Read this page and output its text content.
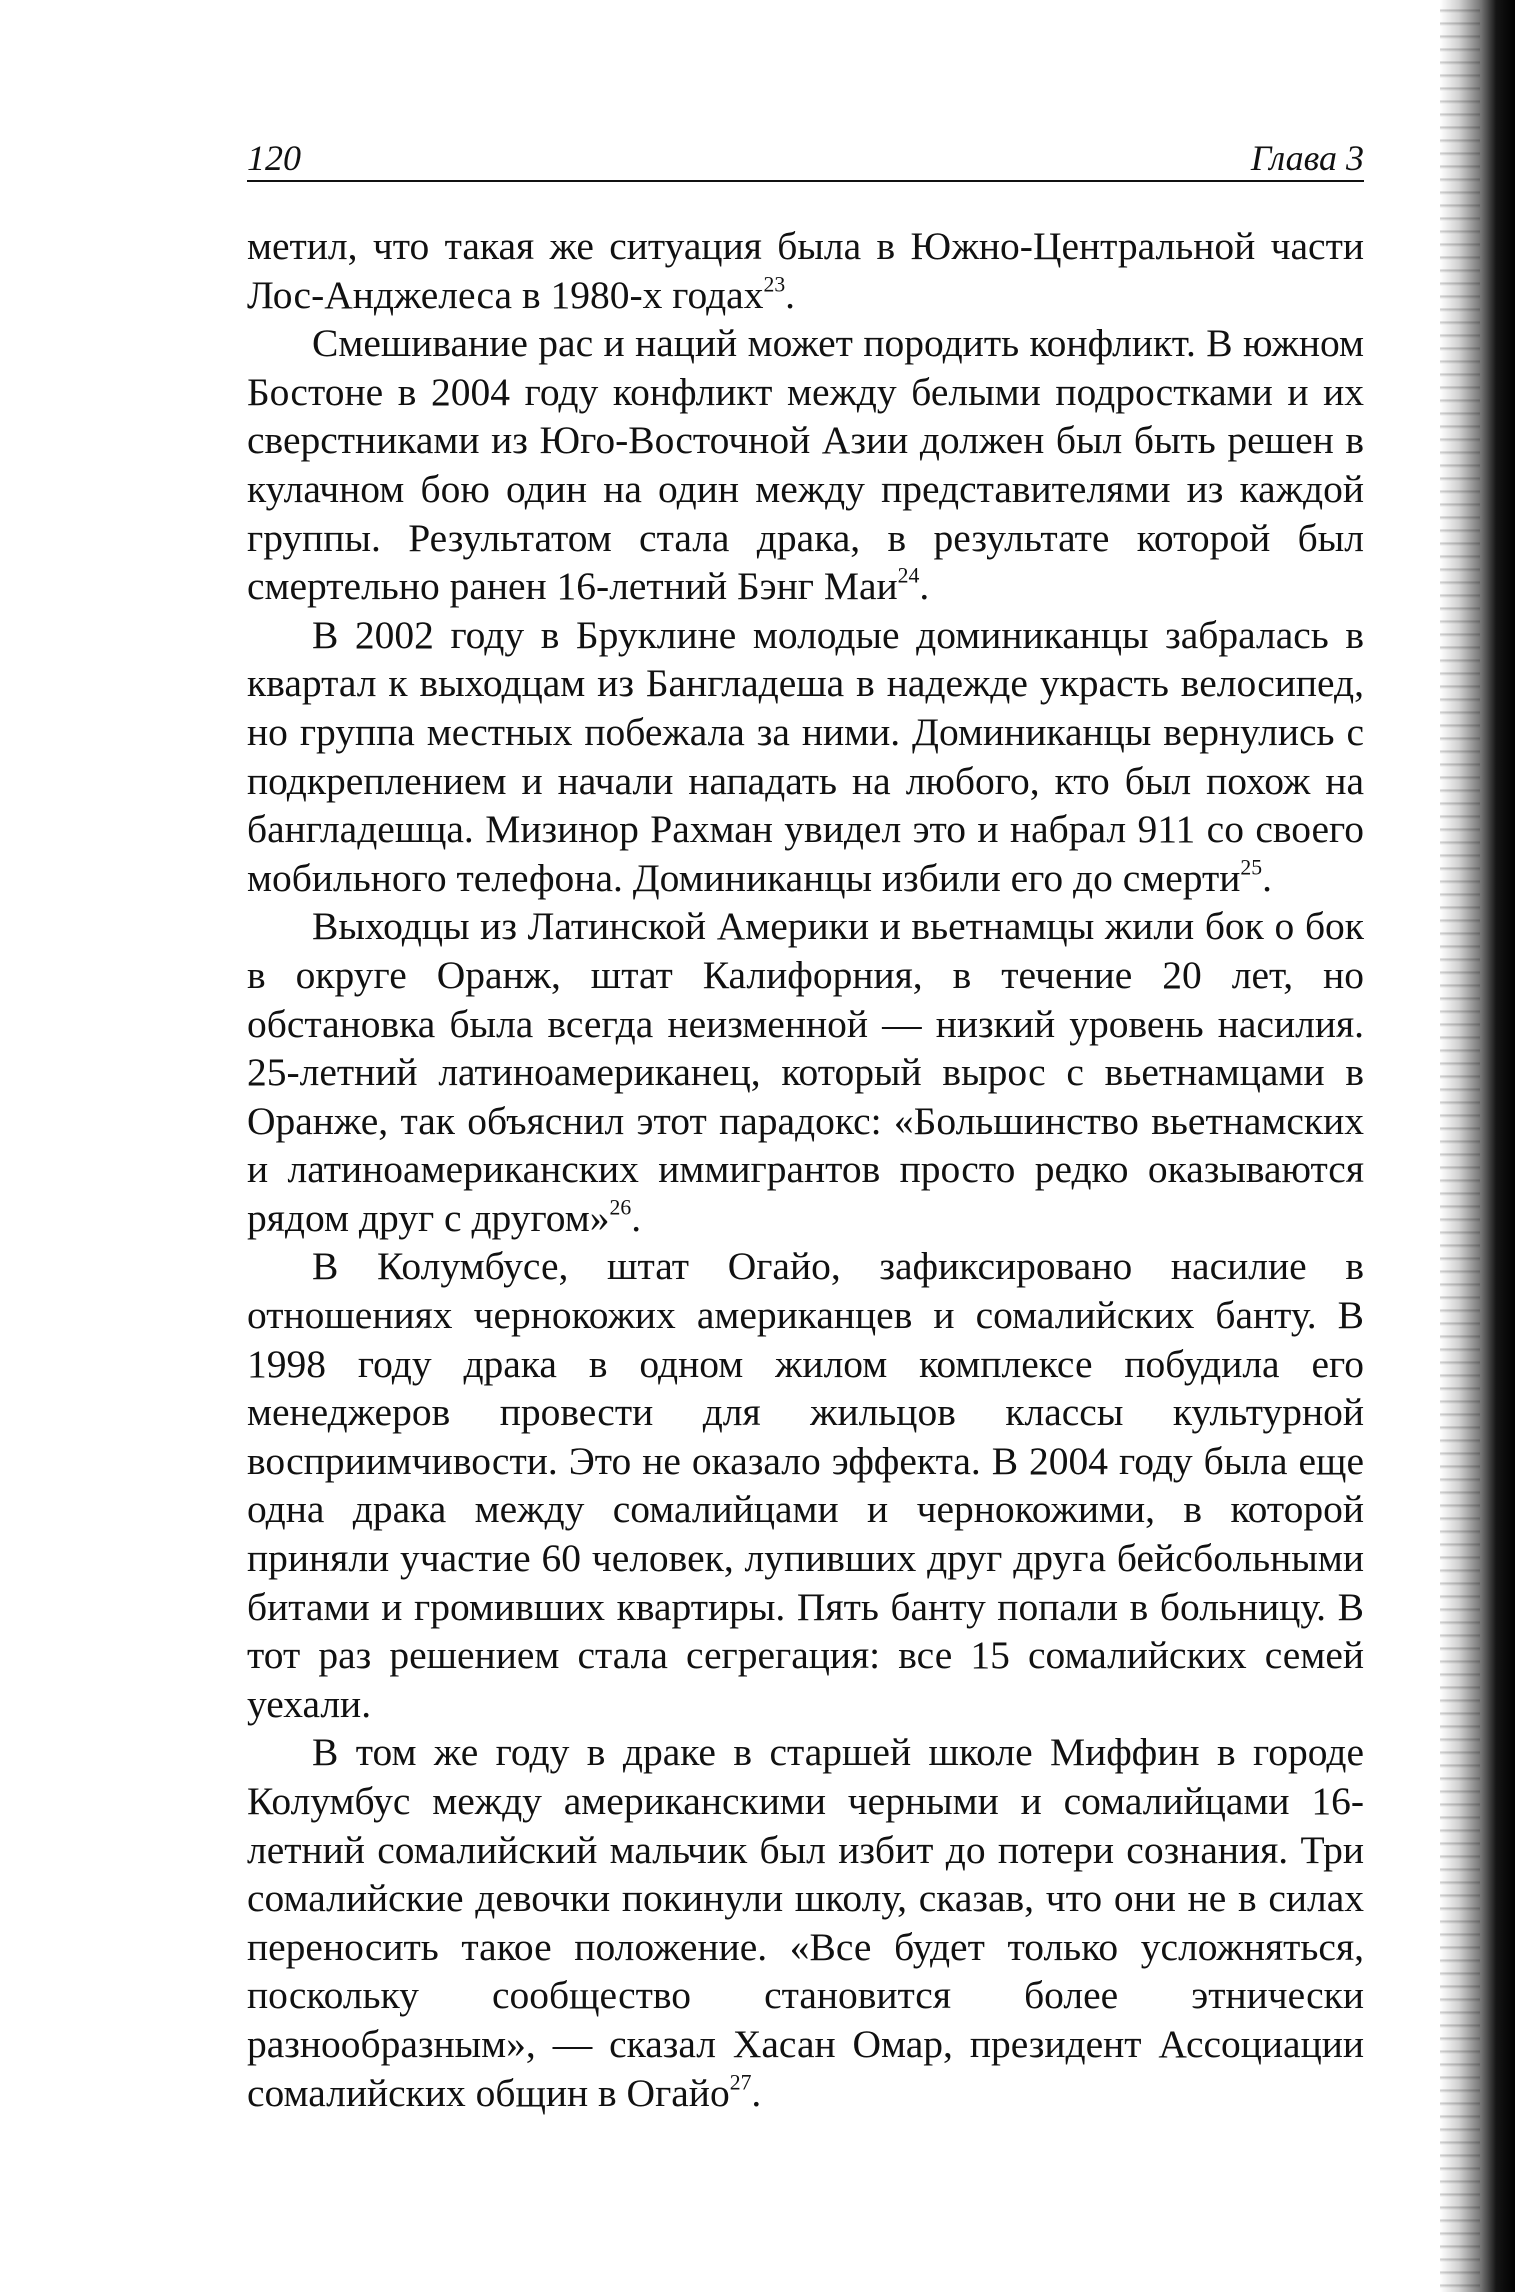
120	Глава 3

метил, что такая же ситуация была в Южно-Центральной части Лос-Анджелеса в 1980-х годах$^{23}$.

Смешивание рас и наций может породить конфликт. В южном Бостоне в 2004 году конфликт между белыми подростками и их сверстниками из Юго-Восточной Азии должен был быть решен в кулачном бою один на один между представителями из каждой группы. Результатом стала драка, в результате которой был смертельно ранен 16-летний Бэнг Маи$^{24}$.

В 2002 году в Бруклине молодые доминиканцы забралась в квартал к выходцам из Бангладеша в надежде украсть велосипед, но группа местных побежала за ними. Доминиканцы вернулись с подкреплением и начали нападать на любого, кто был похож на бангладешца. Мизинор Рахман увидел это и набрал 911 со своего мобильного телефона. Доминиканцы избили его до смерти$^{25}$.

Выходцы из Латинской Америки и вьетнамцы жили бок о бок в округе Оранж, штат Калифорния, в течение 20 лет, но обстановка была всегда неизменной — низкий уровень насилия. 25-летний латиноамериканец, который вырос с вьетнамцами в Оранже, так объяснил этот парадокс: «Большинство вьетнамских и латиноамериканских иммигрантов просто редко оказываются рядом друг с другом»$^{26}$.

В Колумбусе, штат Огайо, зафиксировано насилие в отношениях чернокожих американцев и сомалийских банту. В 1998 году драка в одном жилом комплексе побудила его менеджеров провести для жильцов классы культурной восприимчивости. Это не оказало эффекта. В 2004 году была еще одна драка между сомалийцами и чернокожими, в которой приняли участие 60 человек, лупивших друг друга бейсбольными битами и громивших квартиры. Пять банту попали в больницу. В тот раз решением стала сегрегация: все 15 сомалийских семей уехали.

В том же году в драке в старшей школе Миффин в городе Колумбус между американскими черными и сомалийцами 16-летний сомалийский мальчик был избит до потери сознания. Три сомалийские девочки покинули школу, сказав, что они не в силах переносить такое положение. «Все будет только усложняться, поскольку сообщество становится более этнически разнообразным», — сказал Хасан Омар, президент Ассоциации сомалийских общин в Огайо$^{27}$.
